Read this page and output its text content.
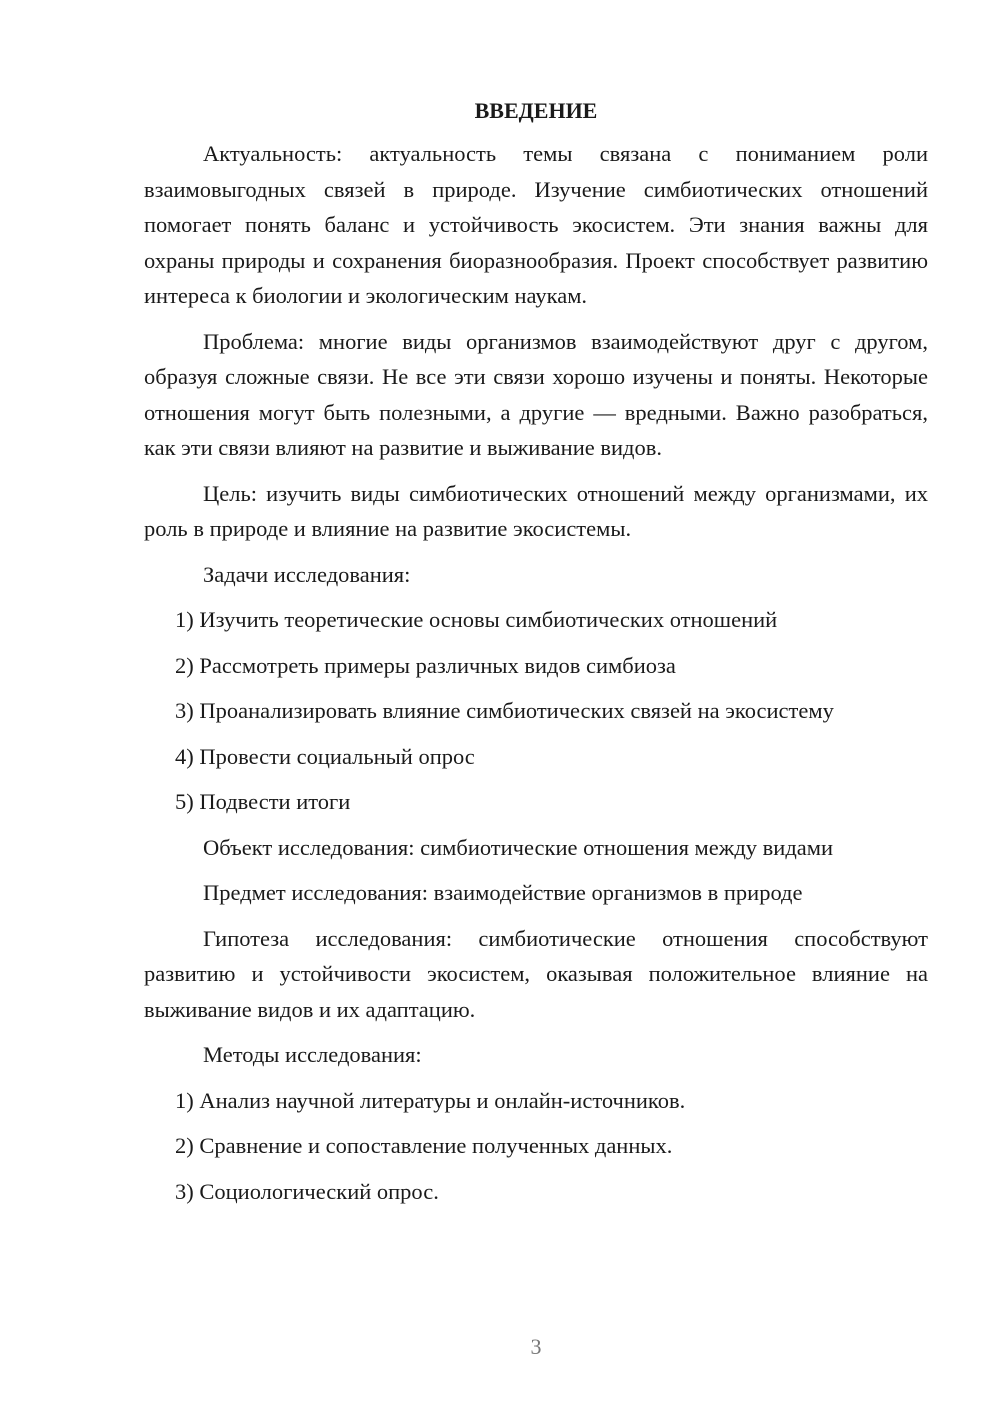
ВВЕДЕНИЕ
Актуальность: актуальность темы связана с пониманием роли взаимовыгодных связей в природе. Изучение симбиотических отношений помогает понять баланс и устойчивость экосистем. Эти знания важны для охраны природы и сохранения биоразнообразия. Проект способствует развитию интереса к биологии и экологическим наукам.
Проблема: многие виды организмов взаимодействуют друг с другом, образуя сложные связи. Не все эти связи хорошо изучены и поняты. Некоторые отношения могут быть полезными, а другие — вредными. Важно разобраться, как эти связи влияют на развитие и выживание видов.
Цель: изучить виды симбиотических отношений между организмами, их роль в природе и влияние на развитие экосистемы.
Задачи исследования:
1) Изучить теоретические основы симбиотических отношений
2) Рассмотреть примеры различных видов симбиоза
3) Проанализировать влияние симбиотических связей на экосистему
4) Провести социальный опрос
5) Подвести итоги
Объект исследования: симбиотические отношения между видами
Предмет исследования: взаимодействие организмов в природе
Гипотеза исследования: симбиотические отношения способствуют развитию и устойчивости экосистем, оказывая положительное влияние на выживание видов и их адаптацию.
Методы исследования:
1) Анализ научной литературы и онлайн-источников.
2) Сравнение и сопоставление полученных данных.
3) Социологический опрос.
3
